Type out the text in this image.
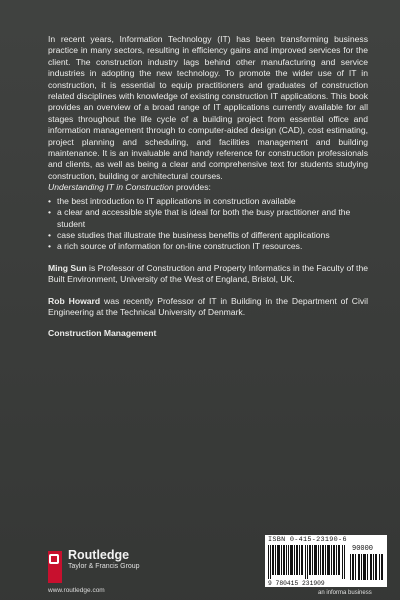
In recent years, Information Technology (IT) has been transforming business practice in many sectors, resulting in efficiency gains and improved services for the client. The construction industry lags behind other manufacturing and service industries in adopting the new technology. To promote the wider use of IT in construction, it is essential to equip practitioners and graduates of construction related disciplines with knowledge of existing construction IT applications. This book provides an overview of a broad range of IT applications currently available for all stages throughout the life cycle of a building project from essential office and information management through to computer-aided design (CAD), cost estimating, project planning and scheduling, and facilities management and building maintenance. It is an invaluable and handy reference for construction professionals and clients, as well as being a clear and comprehensive text for students studying construction, building or architectural courses.

Understanding IT in Construction provides:

• the best introduction to IT applications in construction available
• a clear and accessible style that is ideal for both the busy practitioner and the student
• case studies that illustrate the business benefits of different applications
• a rich source of information for on-line construction IT resources.

Ming Sun is Professor of Construction and Property Informatics in the Faculty of the Built Environment, University of the West of England, Bristol, UK.

Rob Howard was recently Professor of IT in Building in the Department of Civil Engineering at the Technical University of Denmark.

Construction Management

Routledge
Taylor & Francis Group
www.routledge.com
ISBN 0-415-23190-6
90000
9 780415 231909
an informa business
